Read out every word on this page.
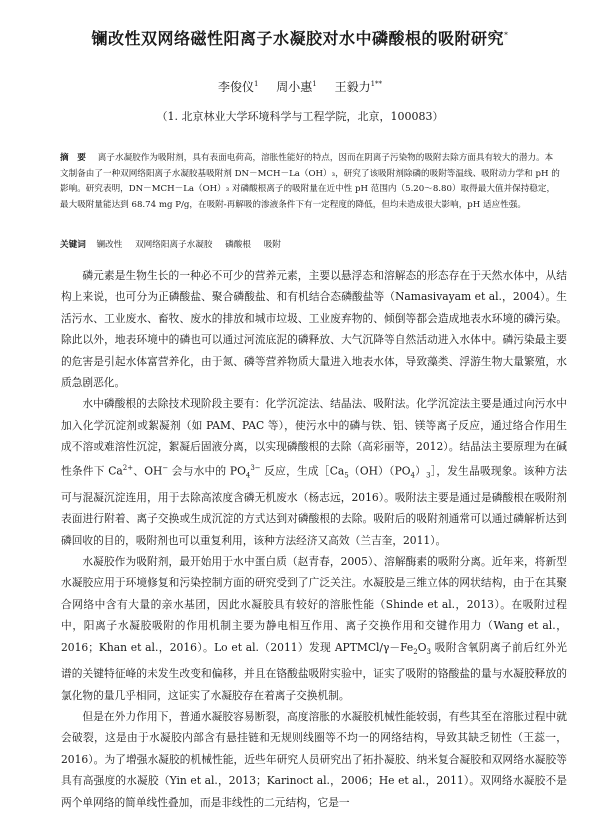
镧改性双网络磁性阳离子水凝胶对水中磷酸根的吸附研究*
李俊仪$^1$ 周小惠$^1$ 王毅力$^{1**}$
（1. 北京林业大学环境科学与工程学院，北京，100083）
摘　要 离子水凝胶作为吸附剂，具有表面电荷高，溶胀性能好的特点，因而在阴离子污染物的吸附去除方面具有较大的潜力。本文制备由了一种双网络阳离子水凝胶基吸附剂 DN－MCH－La（OH）₃，研究了该吸附剂除磷的吸附等温线、吸附动力学和 pH 的影响。研究表明，DN－MCH－La（OH）₃ 对磷酸根离子的吸附量在近中性 pH 范围内（5.20～8.80）取得最大值并保持稳定，最大吸附量能达到 68.74 mg P/g，在吸附-再解吸的渗液条件下有一定程度的降低，但均未造成很大影响，pH 适应性强。
关键词 镧改性 双网络阳离子水凝胶 磷酸根 吸附

磷元素是生物生长的一种必不可少的营养元素，主要以悬浮态和溶解态的形态存在于天然水体中，从结构上来说，也可分为正磷酸盐、聚合磷酸盐、和有机结合态磷酸盐等（Namasivayam et al.，2004）。生活污水、工业废水、畜牧、废水的排放和城市垃圾、工业废弃物的、倾倒等都会造成地表水环境的磷污染。除此以外，地表环境中的磷也可以通过河流底泥的磷释放、大气沉降等自然活动进入水体中。磷污染最主要的危害是引起水体富营养化，由于氮、磷等营养物质大量进入地表水体，导致藻类、浮游生物大量繁殖，水质急剧恶化。

水中磷酸根的去除技术现阶段主要有：化学沉淀法、结晶法、吸附法。化学沉淀法主要是通过向污水中加入化学沉淀剂或絮凝剂（如 PAM、PAC 等），使污水中的磷与铁、铝、镁等离子反应，通过络合作用生成不溶或难溶性沉淀，絮凝后固液分离，以实现磷酸根的去除（高彩丽等，2012）。结晶法主要原理为在碱性条件下 $Ca^{2+}$、OH− 会与水中的 $PO_4^{3-}$ 反应，生成$[Ca_5(OH)(PO_4)_3]$，发生晶吸现象。该种方法可与混凝沉淀连用，用于去除高浓度含磷无机废水（杨志远，2016）。吸附法主要是通过是磷酸根在吸附剂表面进行附着、离子交换或生成沉淀的方式达到对磷酸根的去除。吸附后的吸附剂通常可以通过磷解析达到磷回收的目的，吸附剂也可以重复利用，该种方法经济又高效（兰吉奎，2011）。

水凝胶作为吸附剂，最开始用于水中蛋白质（赵青春，2005）、溶解酶素的吸附分离。近年来，将新型水凝胶应用于环境修复和污染控制方面的研究受到了广泛关注。水凝胶是三维立体的网状结构，由于在其聚合网络中含有大量的亲水基团，因此水凝胶具有较好的溶胀性能（Shinde et al.，2013）。在吸附过程中，阳离子水凝胶吸附的作用机制主要为静电相互作用、离子交换作用和交键作用力（Wang et al.，2016；Khan et al.，2016）。Lo et al.（2011）发现 APTMCl/$\gamma-Fe_2O_3$ 吸附含氧阴离子前后红外光谱的关键特征峰的未发生改变和偏移，并且在铬酸盐吸附实验中，证实了吸附的铬酸盐的量与水凝胶释放的氯化物的量几乎相同，这证实了水凝胶存在着离子交换机制。

但是在外力作用下，普通水凝胶容易断裂，高度溶胀的水凝胶机械性能较弱，有些其至在溶胀过程中就会破裂，这是由于水凝胶内部含有悬挂链和无规则线圈等不均一的网络结构，导致其缺乏韧性（王蕊一，2016）。为了增强水凝胶的机械性能，近些年研究人员研究出了拓扑凝胶、纳米复合凝胶和双网络水凝胶等具有高强度的水凝胶（Yin et al.，2013；Karinoct al.，2006；He et al.，2011）。双网络水凝胶不是两个单网络的简单线性叠加，而是非线性的二元结构，它是一
